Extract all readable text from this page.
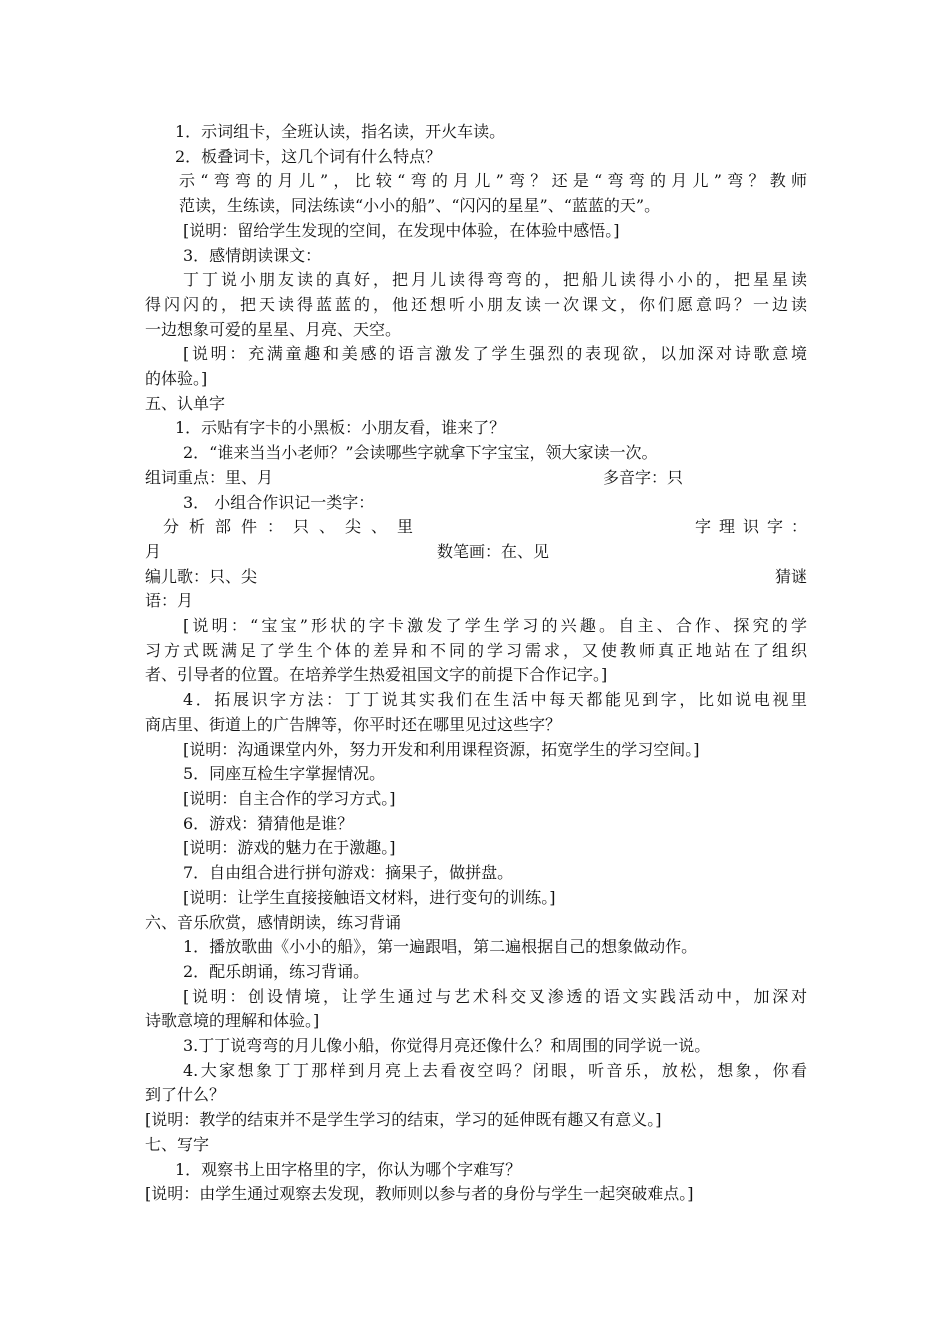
1．示词组卡，全班认读，指名读，开火车读。

2．板叠词卡，这几个词有什么特点？

示“弯弯的月儿”，比较“弯的月儿”弯？还是“弯弯的月儿”弯？教师

范读，生练读，同法练读“小小的船”、“闪闪的星星”、“蓝蓝的天”。

[说明：留给学生发现的空间，在发现中体验，在体验中感悟。]

3．感情朗读课文：

丁丁说小朋友读的真好，把月儿读得弯弯的，把船儿读得小小的，把星星读

得闪闪的，把天读得蓝蓝的，他还想听小朋友读一次课文，你们愿意吗？一边读

一边想象可爱的星星、月亮、天空。

[说明：充满童趣和美感的语言激发了学生强烈的表现欲，以加深对诗歌意境

的体验。]

五、认单字

1．示贴有字卡的小黑板：小朋友看，谁来了？

2．“谁来当当小老师？”会读哪些字就拿下字宝宝，领大家读一次。

组词重点：里、月	多音字：只

3． 小组合作识记一类字：

分析部件：只、尖、里	字理识字：
月	数笔画：在、见
编儿歌：只、尖	猜谜

语：月

[说明：“宝宝”形状的字卡激发了学生学习的兴趣。自主、合作、探究的学

习方式既满足了学生个体的差异和不同的学习需求，又使教师真正地站在了组织

者、引导者的位置。在培养学生热爱祖国文字的前提下合作记字。]

4．拓展识字方法：丁丁说其实我们在生活中每天都能见到字，比如说电视里

商店里、街道上的广告牌等，你平时还在哪里见过这些字？

[说明：沟通课堂内外，努力开发和利用课程资源，拓宽学生的学习空间。]

5．同座互检生字掌握情况。

[说明：自主合作的学习方式。]

6．游戏：猜猜他是谁？

[说明：游戏的魅力在于激趣。]

7．自由组合进行拼句游戏：摘果子，做拼盘。

[说明：让学生直接接触语文材料，进行变句的训练。]

六、音乐欣赏，感情朗读，练习背诵

1．播放歌曲《小小的船》，第一遍跟唱，第二遍根据自己的想象做动作。

2．配乐朗诵，练习背诵。

[说明：创设情境，让学生通过与艺术科交叉渗透的语文实践活动中，加深对

诗歌意境的理解和体验。]

3.丁丁说弯弯的月儿像小船，你觉得月亮还像什么？和周围的同学说一说。

4.大家想象丁丁那样到月亮上去看夜空吗？闭眼，听音乐，放松，想象，你看

到了什么？

[说明：教学的结束并不是学生学习的结束，学习的延伸既有趣又有意义。]

七、写字

1．观察书上田字格里的字，你认为哪个字难写？

[说明：由学生通过观察去发现，教师则以参与者的身份与学生一起突破难点。]
